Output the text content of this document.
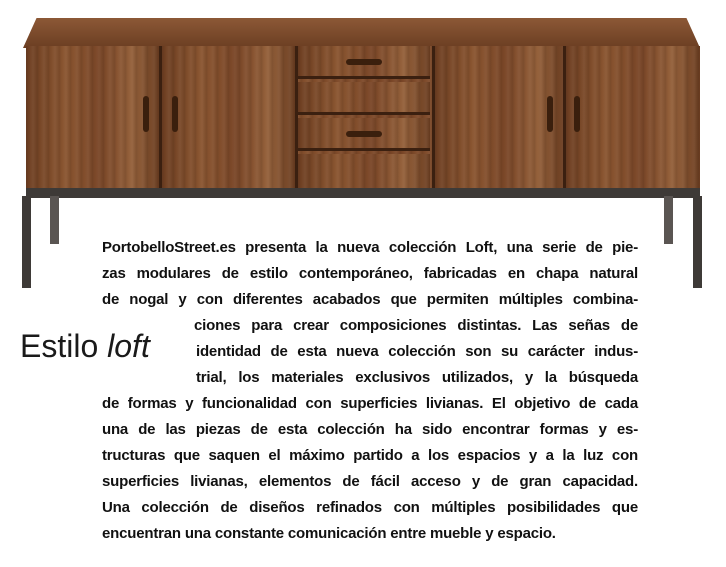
Estilo loft
PortobelloStreet.es presenta la nueva colección Loft, una serie de pie-
zas modulares de estilo contemporáneo, fabricadas en chapa natural
de nogal y con diferentes acabados que permiten múltiples combina-
ciones para crear composiciones distintas. Las señas de
identidad de esta nueva colección son su carácter indus-
trial, los materiales exclusivos utilizados, y la búsqueda
de formas y funcionalidad con superficies livianas. El objetivo de cada
una de las piezas de esta colección ha sido encontrar formas y es-
tructuras que saquen el máximo partido a los espacios y a la luz con
superficies livianas, elementos de fácil acceso y de gran capacidad.
Una colección de diseños refinados con múltiples posibilidades que
encuentran una constante comunicación entre mueble y espacio.
